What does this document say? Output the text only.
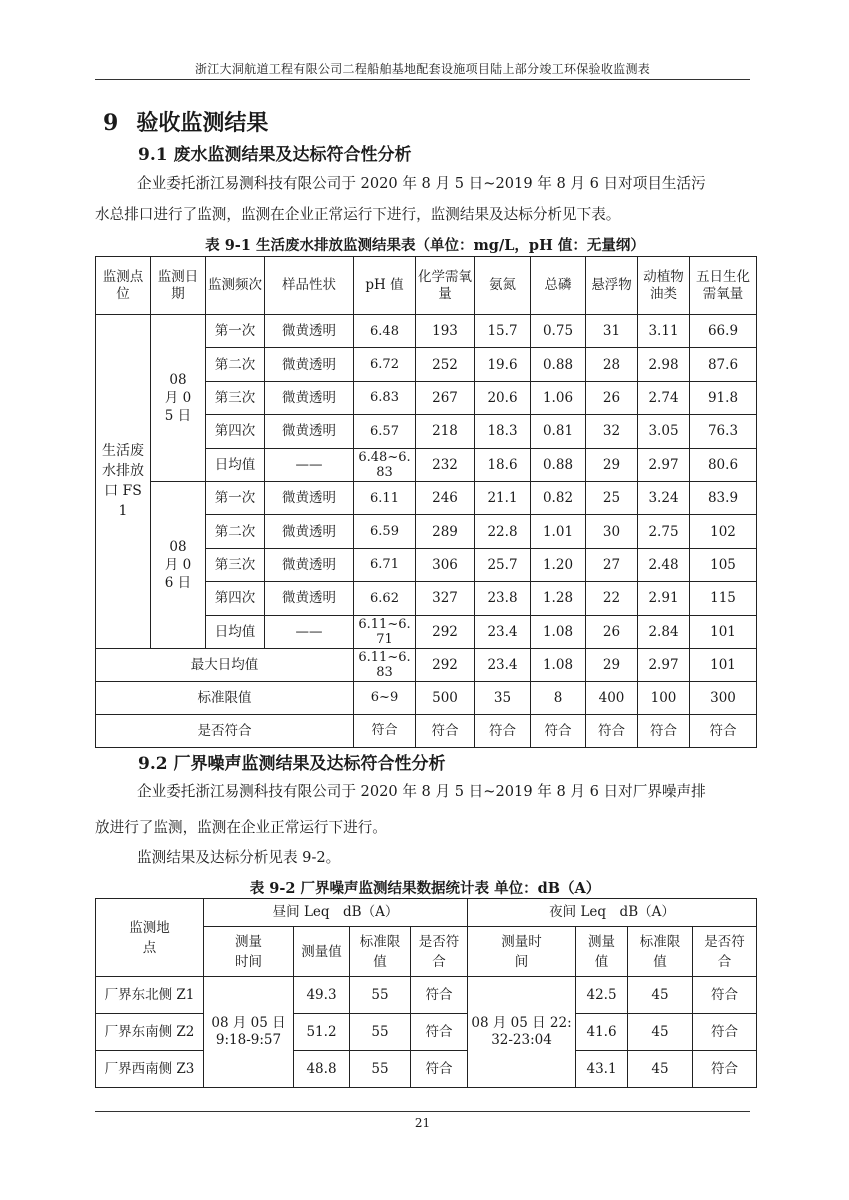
浙江大洞航道工程有限公司二程船舶基地配套设施项目陆上部分竣工环保验收监测表
9 验收监测结果
9.1 废水监测结果及达标符合性分析
企业委托浙江易测科技有限公司于 2020 年 8 月 5 日~2019 年 8 月 6 日对项目生活污
水总排口进行了监测，监测在企业正常运行下进行，监测结果及达标分析见下表。
表 9-1 生活废水排放监测结果表（单位：mg/L，pH 值：无量纲）
监测点位	监测日期	监测频次	样品性状	pH 值	化学需氧量	氨氮	总磷	悬浮物	动植物油类	五日生化需氧量
生活废水排放口 FS1	08 月 05 日	第一次	微黄透明	6.48	193	15.7	0.75	31	3.11	66.9
		第二次	微黄透明	6.72	252	19.6	0.88	28	2.98	87.6
		第三次	微黄透明	6.83	267	20.6	1.06	26	2.74	91.8
		第四次	微黄透明	6.57	218	18.3	0.81	32	3.05	76.3
		日均值	——	6.48~6.83	232	18.6	0.88	29	2.97	80.6
	08 月 06 日	第一次	微黄透明	6.11	246	21.1	0.82	25	3.24	83.9
		第二次	微黄透明	6.59	289	22.8	1.01	30	2.75	102
		第三次	微黄透明	6.71	306	25.7	1.20	27	2.48	105
		第四次	微黄透明	6.62	327	23.8	1.28	22	2.91	115
		日均值	——	6.11~6.71	292	23.4	1.08	26	2.84	101
最大日均值				6.11~6.83	292	23.4	1.08	29	2.97	101
标准限值				6~9	500	35	8	400	100	300
是否符合				符合	符合	符合	符合	符合	符合	符合
9.2 厂界噪声监测结果及达标符合性分析
企业委托浙江易测科技有限公司于 2020 年 8 月 5 日~2019 年 8 月 6 日对厂界噪声排
放进行了监测，监测在企业正常运行下进行。
监测结果及达标分析见表 9-2。
表 9-2 厂界噪声监测结果数据统计表 单位：dB（A）
监测地点	昼间 Leq　dB（A）				夜间 Leq　dB（A）			
	测量时间	测量值	标准限值	是否符合	测量时间	测量值	标准限值	是否符合
厂界东北侧 Z1	08 月 05 日 9:18-9:57	49.3	55	符合	08 月 05 日 22:32-23:04	42.5	45	符合
厂界东南侧 Z2		51.2	55	符合		41.6	45	符合
厂界西南侧 Z3		48.8	55	符合		43.1	45	符合
21
